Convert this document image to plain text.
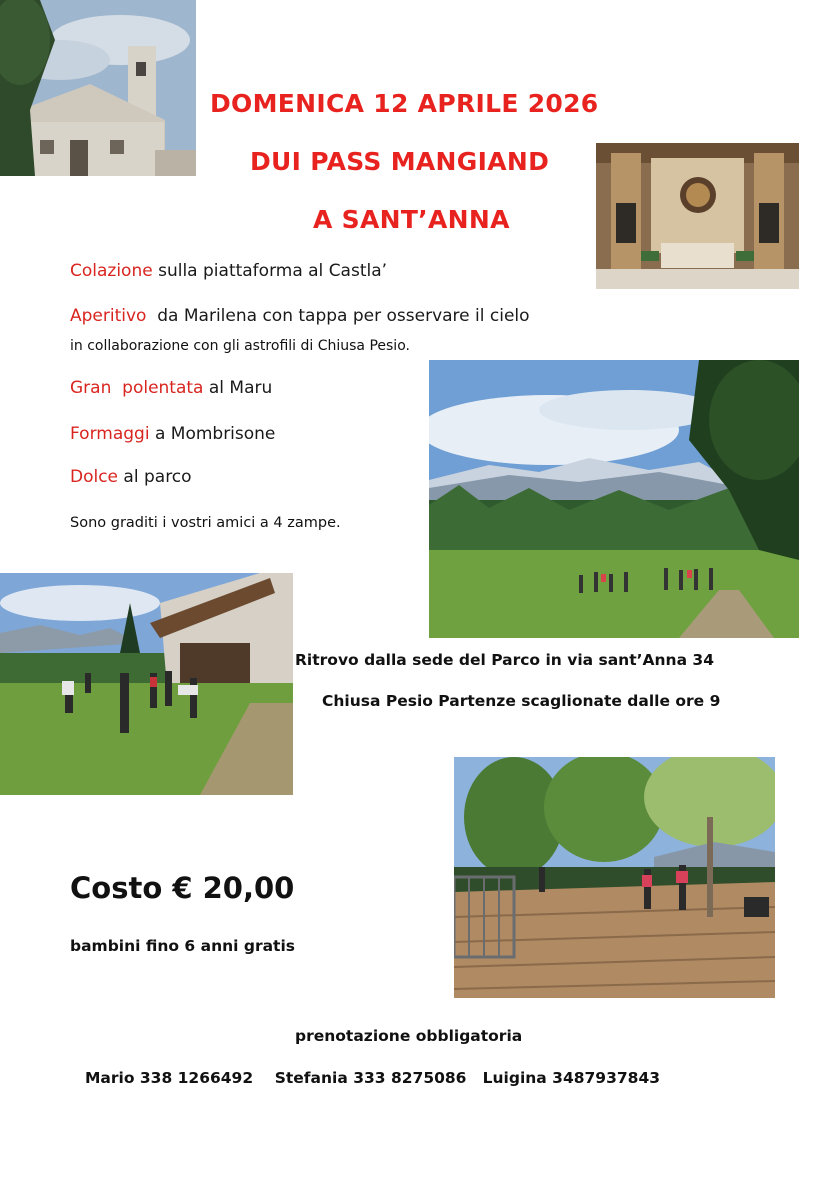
DOMENICA 12 APRILE 2026
DUI PASS MANGIAND
A SANT’ANNA
Colazione sulla piattaforma al Castla’
Aperitivo  da Marilena con tappa per osservare il cielo
in collaborazione con gli astrofili di Chiusa Pesio.
Gran  polentata al Maru
Formaggi a Mombrisone
Dolce al parco
Sono graditi i vostri amici a 4 zampe.
Ritrovo dalla sede del Parco in via sant’Anna 34
Chiusa Pesio Partenze scaglionate dalle ore 9
Costo € 20,00
bambini fino 6 anni gratis
prenotazione obbligatoria
Mario 338 1266492    Stefania 333 8275086   Luigina 3487937843
